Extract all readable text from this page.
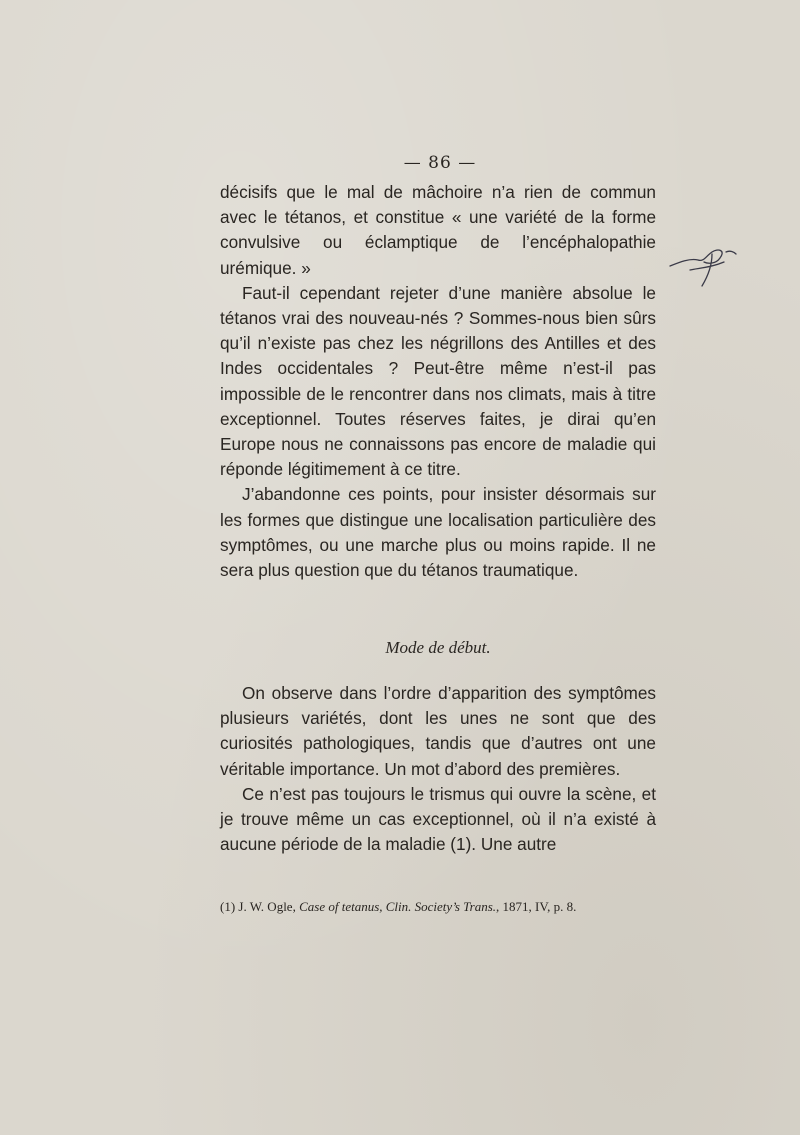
— 86 —

décisifs que le mal de mâchoire n’a rien de commun avec le tétanos, et constitue « une variété de la forme convulsive ou éclamptique de l’encéphalopathie urémique. »

Faut-il cependant rejeter d’une manière absolue le tétanos vrai des nouveau-nés ? Sommes-nous bien sûrs qu’il n’existe pas chez les négrillons des Antilles et des Indes occidentales ? Peut-être même n’est-il pas impossible de le rencontrer dans nos climats, mais à titre exceptionnel. Toutes réserves faites, je dirai qu’en Europe nous ne connaissons pas encore de maladie qui réponde légitimement à ce titre.

J’abandonne ces points, pour insister désormais sur les formes que distingue une localisation particulière des symptômes, ou une marche plus ou moins rapide. Il ne sera plus question que du tétanos traumatique.

Mode de début.

On observe dans l’ordre d’apparition des symptômes plusieurs variétés, dont les unes ne sont que des curiosités pathologiques, tandis que d’autres ont une véritable importance. Un mot d’abord des premières.

Ce n’est pas toujours le trismus qui ouvre la scène, et je trouve même un cas exceptionnel, où il n’a existé à aucune période de la maladie (1). Une autre

(1) J. W. Ogle, Case of tetanus, Clin. Society’s Trans., 1871, IV, p. 8.
